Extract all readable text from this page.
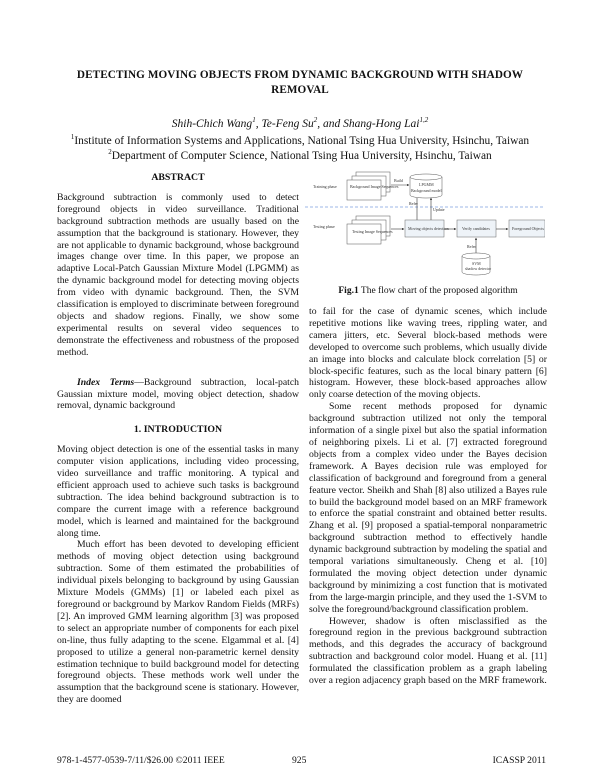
DETECTING MOVING OBJECTS FROM DYNAMIC BACKGROUND WITH SHADOW REMOVAL
Shih-Chich Wang$^1$, Te-Feng Su$^2$, and Shang-Hong Lai$^{1,2}$
$^1$Institute of Information Systems and Applications, National Tsing Hua University, Hsinchu, Taiwan
$^2$Department of Computer Science, National Tsing Hua University, Hsinchu, Taiwan
ABSTRACT

Background subtraction is commonly used to detect foreground objects in video surveillance. Traditional background subtraction methods are usually based on the assumption that the background is stationary. However, they are not applicable to dynamic background, whose background images change over time. In this paper, we propose an adaptive Local-Patch Gaussian Mixture Model (LPGMM) as the dynamic background model for detecting moving objects from video with dynamic background. Then, the SVM classification is employed to discriminate between foreground objects and shadow regions. Finally, we show some experimental results on several video sequences to demonstrate the effectiveness and robustness of the proposed method.

Index Terms—Background subtraction, local-patch Gaussian mixture model, moving object detection, shadow removal, dynamic background

1. INTRODUCTION

Moving object detection is one of the essential tasks in many computer vision applications, including video processing, video surveillance and traffic monitoring. A typical and efficient approach used to achieve such tasks is background subtraction. The idea behind background subtraction is to compare the current image with a reference background model, which is learned and maintained for the background along time.

Much effort has been devoted to developing efficient methods of moving object detection using background subtraction. Some of them estimated the probabilities of individual pixels belonging to background by using Gaussian Mixture Models (GMMs) [1] or labeled each pixel as foreground or background by Markov Random Fields (MRFs) [2]. An improved GMM learning algorithm [3] was proposed to select an appropriate number of components for each pixel on-line, thus fully adapting to the scene. Elgammal et al. [4] proposed to utilize a general non-parametric kernel density estimation technique to build background model for detecting foreground objects. These methods work well under the assumption that the background scene is stationary. However, they are doomed

Training phase	Background Image Sequences
Build
LPGMM
Background model
Refer
Update
Testing phase
Testing Image Sequences
Moving objects detection	Verify candidates	Foreground Objects
Refer
SVM
shadow detector
Fig.1 The flow chart of the proposed algorithm

to fail for the case of dynamic scenes, which include repetitive motions like waving trees, rippling water, and camera jitters, etc. Several block-based methods were developed to overcome such problems, which usually divide an image into blocks and calculate block correlation [5] or block-specific features, such as the local binary pattern [6] histogram. However, these block-based approaches allow only coarse detection of the moving objects.

Some recent methods proposed for dynamic background subtraction utilized not only the temporal information of a single pixel but also the spatial information of neighboring pixels. Li et al. [7] extracted foreground objects from a complex video under the Bayes decision framework. A Bayes decision rule was employed for classification of background and foreground from a general feature vector. Sheikh and Shah [8] also utilized a Bayes rule to build the background model based on an MRF framework to enforce the spatial constraint and obtained better results. Zhang et al. [9] proposed a spatial-temporal nonparametric background subtraction method to effectively handle dynamic background subtraction by modeling the spatial and temporal variations simultaneously. Cheng et al. [10] formulated the moving object detection under dynamic background by minimizing a cost function that is motivated from the large-margin principle, and they used the 1-SVM to solve the foreground/background classification problem.

However, shadow is often misclassified as the foreground region in the previous background subtraction methods, and this degrades the accuracy of background subtraction and background color model. Huang et al. [11] formulated the classification problem as a graph labeling over a region adjacency graph based on the MRF framework.

978-1-4577-0539-7/11/$26.00 ©2011 IEEE	925	ICASSP 2011
